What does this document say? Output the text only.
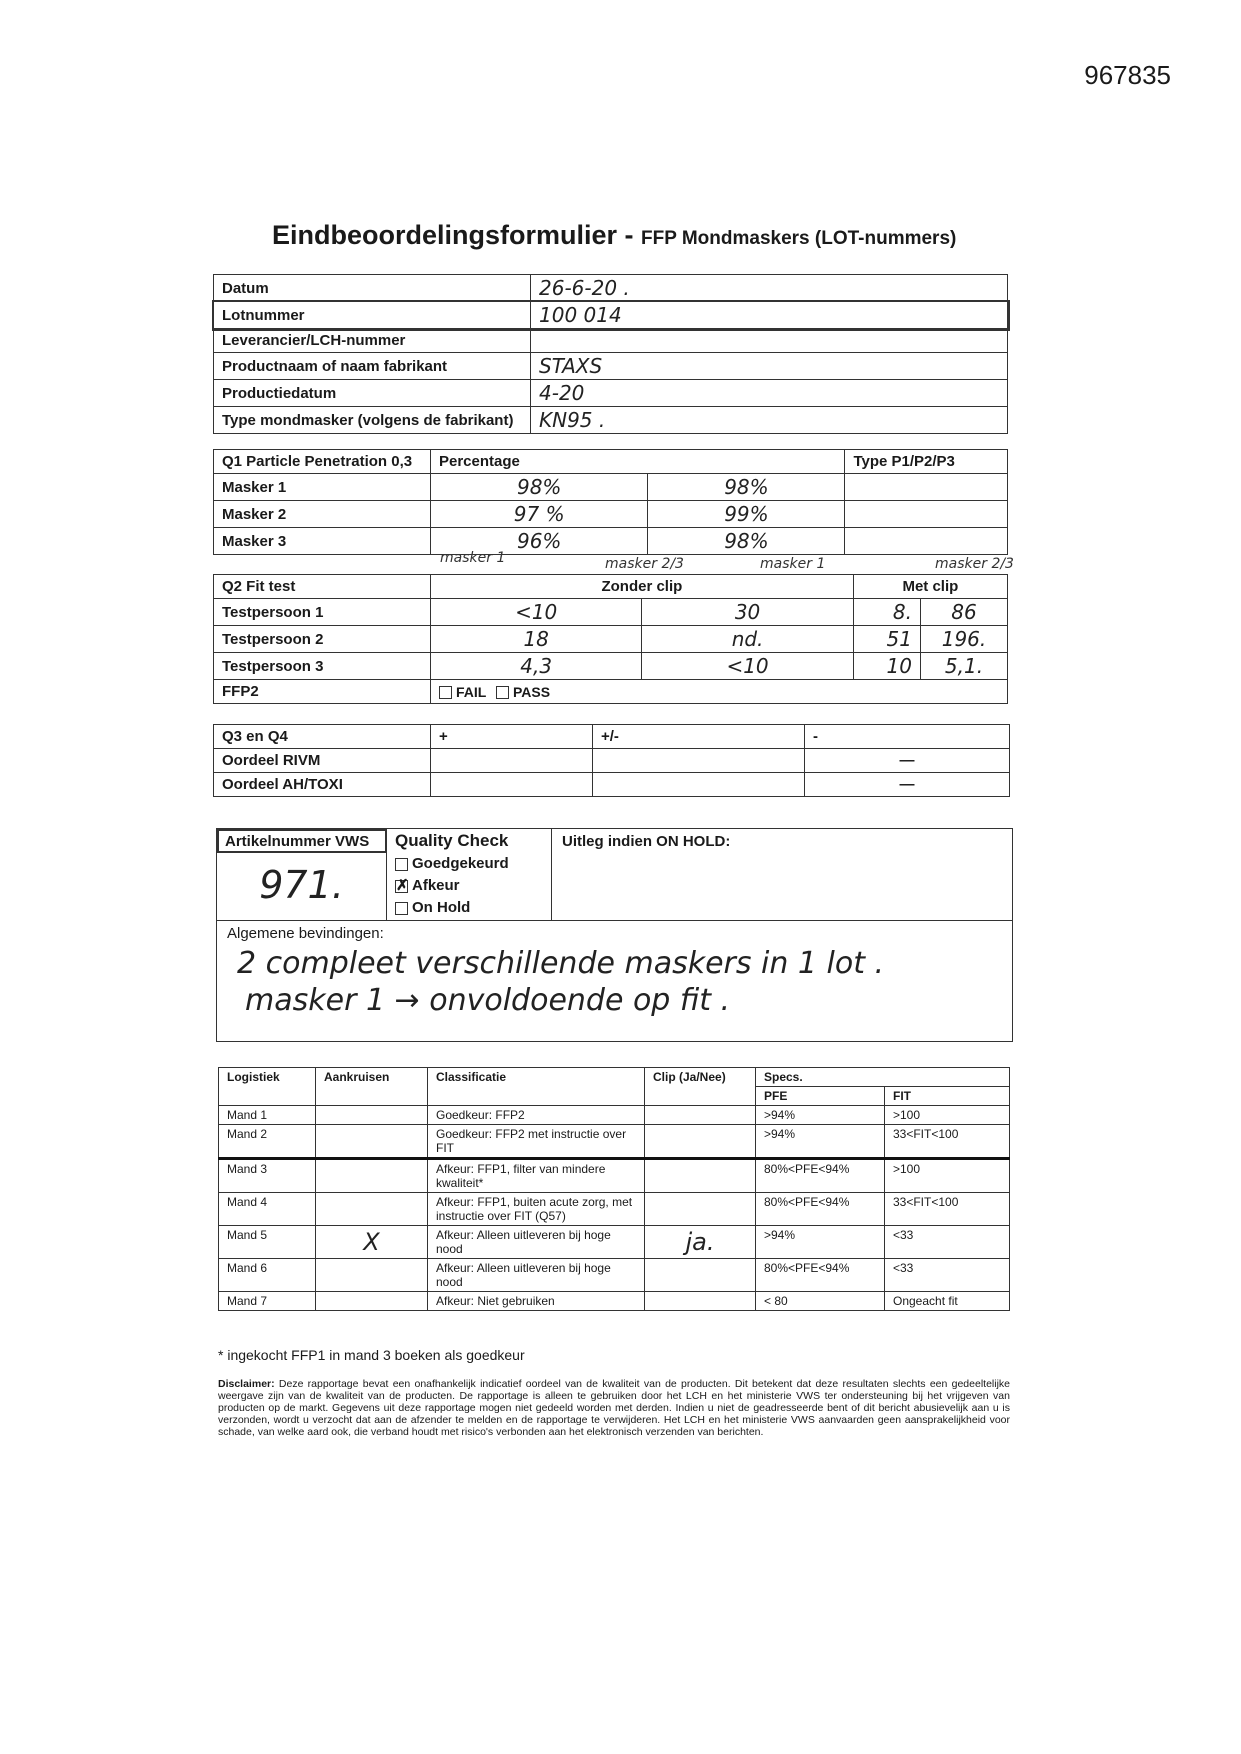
967835
Eindbeoordelingsformulier - FFP Mondmaskers (LOT-nummers)
Datum	26-6-20 .
Lotnummer	100 014
Leverancier/LCH-nummer	
Productnaam of naam fabrikant	STAXS
Productiedatum	4-20
Type mondmasker (volgens de fabrikant)	KN95 .
Q1 Particle Penetration 0,3	Percentage		Type P1/P2/P3
Masker 1	98%	98%	
Masker 2	97 %	99%	
Masker 3	96%	98%	
masker 1	masker 2/3	masker 1	masker 2/3
Q2 Fit test	Zonder clip		Met clip	
Testpersoon 1	<10	30	8.	86
Testpersoon 2	18	nd.	51	196.
Testpersoon 3	4,3	<10	10	5,1.
FFP2	FAIL PASS			
Q3 en Q4	+	+/-	-
Oordeel RIVM			—
Oordeel AH/TOXI			—
Artikelnummer VWS
971.
Quality Check
Goedgekeurd
✗ Afkeur
On Hold
Uitleg indien ON HOLD:
Algemene bevindingen:
2 compleet verschillende maskers in 1 lot .
masker 1 → onvoldoende op fit .
Logistiek	Aankruisen	Classificatie	Clip (Ja/Nee)	Specs.	
				PFE	FIT
Mand 1		Goedkeur: FFP2		>94%	>100
Mand 2		Goedkeur: FFP2 met instructie over FIT		>94%	33<FIT<100
Mand 3		Afkeur: FFP1, filter van mindere kwaliteit*		80%<PFE<94%	>100
Mand 4		Afkeur: FFP1, buiten acute zorg, met instructie over FIT (Q57)		80%<PFE<94%	33<FIT<100
Mand 5	X	Afkeur: Alleen uitleveren bij hoge nood	ja.	>94%	<33
Mand 6		Afkeur: Alleen uitleveren bij hoge nood		80%<PFE<94%	<33
Mand 7		Afkeur: Niet gebruiken		< 80	Ongeacht fit
* ingekocht FFP1 in mand 3 boeken als goedkeur
Disclaimer: Deze rapportage bevat een onafhankelijk indicatief oordeel van de kwaliteit van de producten. Dit betekent dat deze resultaten slechts een gedeeltelijke weergave zijn van de kwaliteit van de producten. De rapportage is alleen te gebruiken door het LCH en het ministerie VWS ter ondersteuning bij het vrijgeven van producten op de markt. Gegevens uit deze rapportage mogen niet gedeeld worden met derden. Indien u niet de geadresseerde bent of dit bericht abusievelijk aan u is verzonden, wordt u verzocht dat aan de afzender te melden en de rapportage te verwijderen. Het LCH en het ministerie VWS aanvaarden geen aansprakelijkheid voor schade, van welke aard ook, die verband houdt met risico's verbonden aan het elektronisch verzenden van berichten.
